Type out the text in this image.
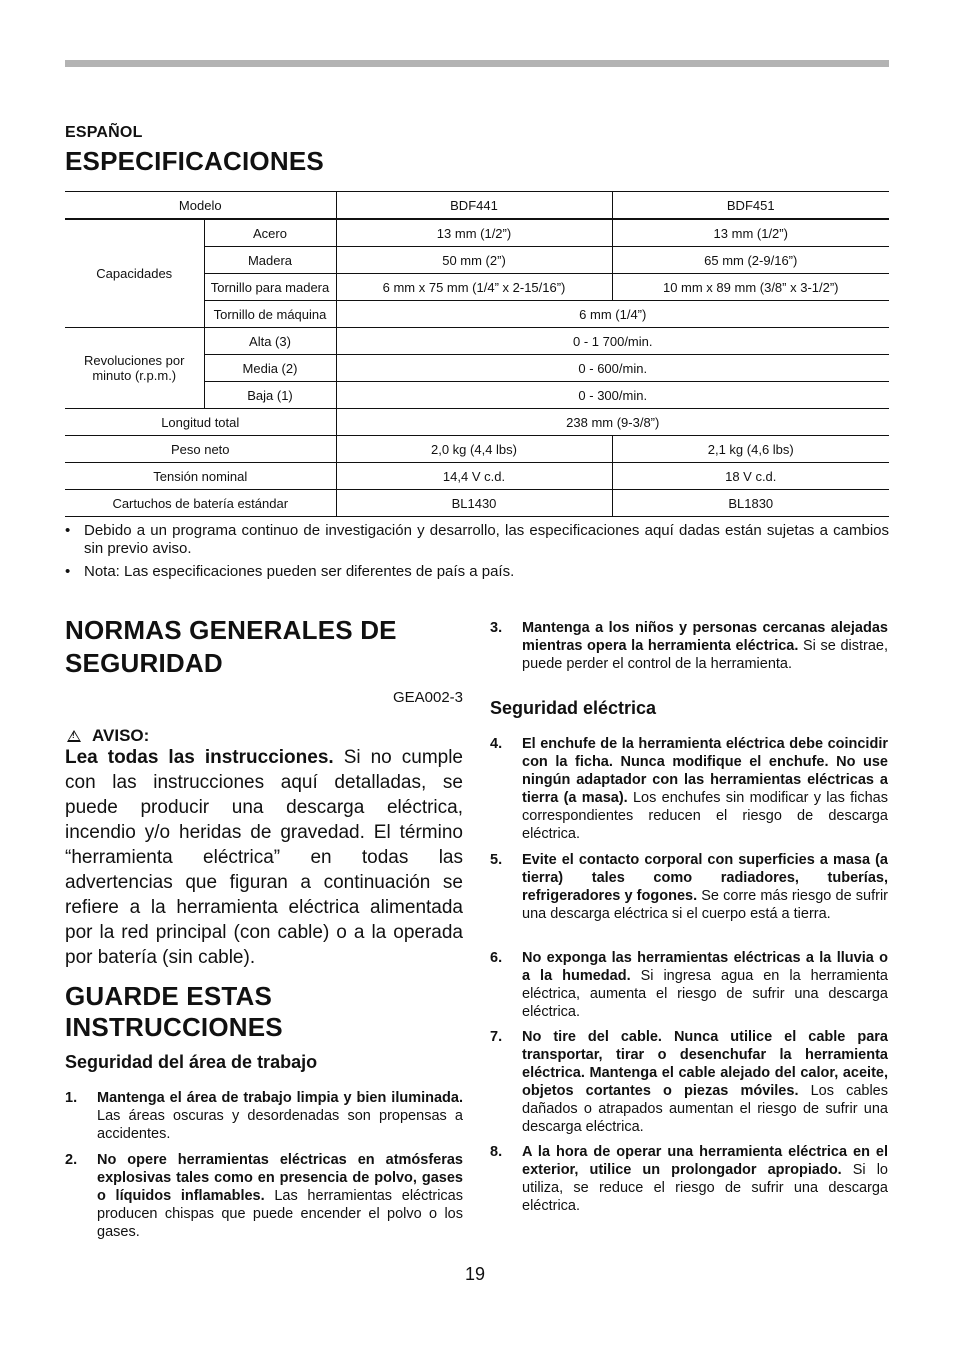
ESPAÑOL
ESPECIFICACIONES
Modelo		BDF441	BDF451
Capacidades	Acero	13 mm (1/2”)	13 mm (1/2”)
	Madera	50 mm (2”)	65 mm (2-9/16”)
	Tornillo para madera	6 mm x 75 mm (1/4” x 2-15/16”)	10 mm x 89 mm (3/8” x 3-1/2”)
	Tornillo de máquina	6 mm (1/4”)	
Revoluciones por minuto (r.p.m.)	Alta (3)	0 - 1 700/min.	
	Media (2)	0 - 600/min.	
	Baja (1)	0 - 300/min.	
Longitud total		238 mm (9-3/8”)	
Peso neto		2,0 kg (4,4 lbs)	2,1 kg (4,6 lbs)
Tensión nominal		14,4 V c.d.	18 V c.d.
Cartuchos de batería estándar		BL1430	BL1830
• Debido a un programa continuo de investigación y desarrollo, las especificaciones aquí dadas están sujetas a cambios sin previo aviso.
• Nota: Las especificaciones pueden ser diferentes de país a país.
NORMAS GENERALES DE
SEGURIDAD
GEA002-3
!
AVISO:
Lea todas las instrucciones. Si no cumple con las instrucciones aquí detalladas, se puede producir una descarga eléctrica, incendio y/o heridas de gravedad. El término “herramienta eléctrica” en todas las advertencias que figuran a continuación se refiere a la herramienta eléctrica alimentada por la red principal (con cable) o a la operada por batería (sin cable).
GUARDE ESTAS
INSTRUCCIONES
Seguridad del área de trabajo
1. Mantenga el área de trabajo limpia y bien iluminada. Las áreas oscuras y desordenadas son propensas a accidentes.
2. No opere herramientas eléctricas en atmósferas explosivas tales como en presencia de polvo, gases o líquidos inflamables. Las herramientas eléctricas producen chispas que puede encender el polvo o los gases.
3. Mantenga a los niños y personas cercanas alejadas mientras opera la herramienta eléctrica. Si se distrae, puede perder el control de la herramienta.
Seguridad eléctrica
4. El enchufe de la herramienta eléctrica debe coincidir con la ficha. Nunca modifique el enchufe. No use ningún adaptador con las herramientas eléctricas a tierra (a masa). Los enchufes sin modificar y las fichas correspondientes reducen el riesgo de descarga eléctrica.
5. Evite el contacto corporal con superficies a masa (a tierra) tales como radiadores, tuberías, refrigeradores y fogones. Se corre más riesgo de sufrir una descarga eléctrica si el cuerpo está a tierra.
6. No exponga las herramientas eléctricas a la lluvia o a la humedad. Si ingresa agua en la herramienta eléctrica, aumenta el riesgo de sufrir una descarga eléctrica.
7. No tire del cable. Nunca utilice el cable para transportar, tirar o desenchufar la herramienta eléctrica. Mantenga el cable alejado del calor, aceite, objetos cortantes o piezas móviles. Los cables dañados o atrapados aumentan el riesgo de sufrir una descarga eléctrica.
8. A la hora de operar una herramienta eléctrica en el exterior, utilice un prolongador apropiado. Si lo utiliza, se reduce el riesgo de sufrir una descarga eléctrica.
19
